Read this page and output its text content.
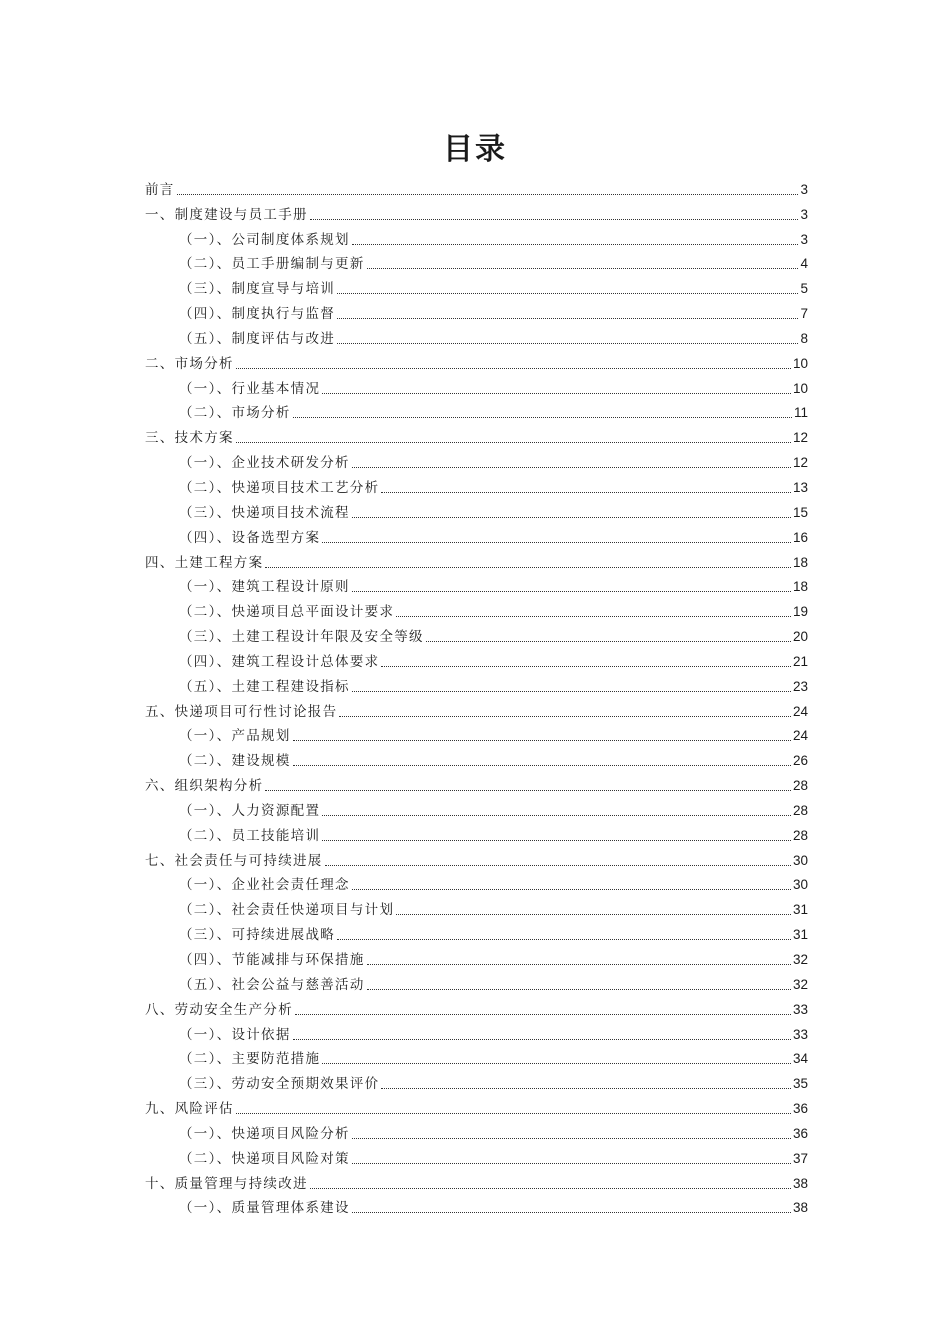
目录
前言	3
一、制度建设与员工手册	3
（一）、公司制度体系规划	3
（二）、员工手册编制与更新	4
（三）、制度宣导与培训	5
（四）、制度执行与监督	7
（五）、制度评估与改进	8
二、市场分析	10
（一）、行业基本情况	10
（二）、市场分析	11
三、技术方案	12
（一）、企业技术研发分析	12
（二）、快递项目技术工艺分析	13
（三）、快递项目技术流程	15
（四）、设备选型方案	16
四、土建工程方案	18
（一）、建筑工程设计原则	18
（二）、快递项目总平面设计要求	19
（三）、土建工程设计年限及安全等级	20
（四）、建筑工程设计总体要求	21
（五）、土建工程建设指标	23
五、快递项目可行性讨论报告	24
（一）、产品规划	24
（二）、建设规模	26
六、组织架构分析	28
（一）、人力资源配置	28
（二）、员工技能培训	28
七、社会责任与可持续进展	30
（一）、企业社会责任理念	30
（二）、社会责任快递项目与计划	31
（三）、可持续进展战略	31
（四）、节能减排与环保措施	32
（五）、社会公益与慈善活动	32
八、劳动安全生产分析	33
（一）、设计依据	33
（二）、主要防范措施	34
（三）、劳动安全预期效果评价	35
九、风险评估	36
（一）、快递项目风险分析	36
（二）、快递项目风险对策	37
十、质量管理与持续改进	38
（一）、质量管理体系建设	38
